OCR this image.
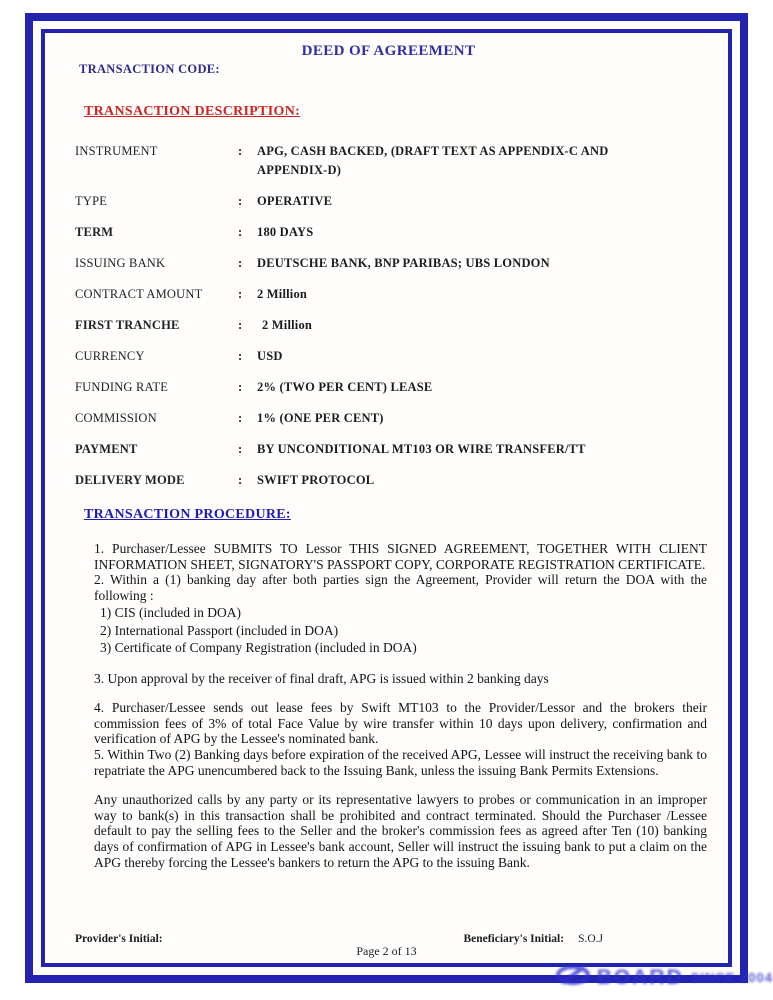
DEED OF AGREEMENT
TRANSACTION CODE:
TRANSACTION DESCRIPTION:
INSTRUMENT	:	APG, CASH BACKED, (DRAFT TEXT AS APPENDIX-C AND APPENDIX-D)
TYPE	:	OPERATIVE
TERM	:	180 DAYS
ISSUING BANK	:	DEUTSCHE BANK, BNP PARIBAS; UBS LONDON
CONTRACT AMOUNT	:	2 Million
FIRST TRANCHE	:	2 Million
CURRENCY	:	USD
FUNDING RATE	:	2% (TWO PER CENT) LEASE
COMMISSION	:	1% (ONE PER CENT)
PAYMENT	:	BY UNCONDITIONAL MT103 OR WIRE TRANSFER/TT
DELIVERY MODE	:	SWIFT PROTOCOL
TRANSACTION PROCEDURE:

1. Purchaser/Lessee SUBMITS TO Lessor THIS SIGNED AGREEMENT, TOGETHER WITH CLIENT INFORMATION SHEET, SIGNATORY'S PASSPORT COPY, CORPORATE REGISTRATION CERTIFICATE.

2. Within a (1) banking day after both parties sign the Agreement, Provider will return the DOA with the following :

1) CIS (included in DOA)
2) International Passport (included in DOA)
3) Certificate of Company Registration (included in DOA)

3. Upon approval by the receiver of final draft, APG is issued within 2 banking days

4. Purchaser/Lessee sends out lease fees by Swift MT103 to the Provider/Lessor and the brokers their commission fees of 3% of total Face Value by wire transfer within 10 days upon delivery, confirmation and verification of APG by the Lessee's nominated bank.

5. Within Two (2) Banking days before expiration of the received APG, Lessee will instruct the receiving bank to repatriate the APG unencumbered back to the Issuing Bank, unless the issuing Bank Permits Extensions.

Any unauthorized calls by any party or its representative lawyers to probes or communication in an improper way to bank(s) in this transaction shall be prohibited and contract terminated. Should the Purchaser /Lessee default to pay the selling fees to the Seller and the broker's commission fees as agreed after Ten (10) banking days of confirmation of APG in Lessee's bank account, Seller will instruct the issuing bank to put a claim on the APG thereby forcing the Lessee's bankers to return the APG to the issuing Bank.

Provider's Initial:	Beneficiary's Initial: S.O.J
Page 2 of 13
BOARD SINCE 2004
